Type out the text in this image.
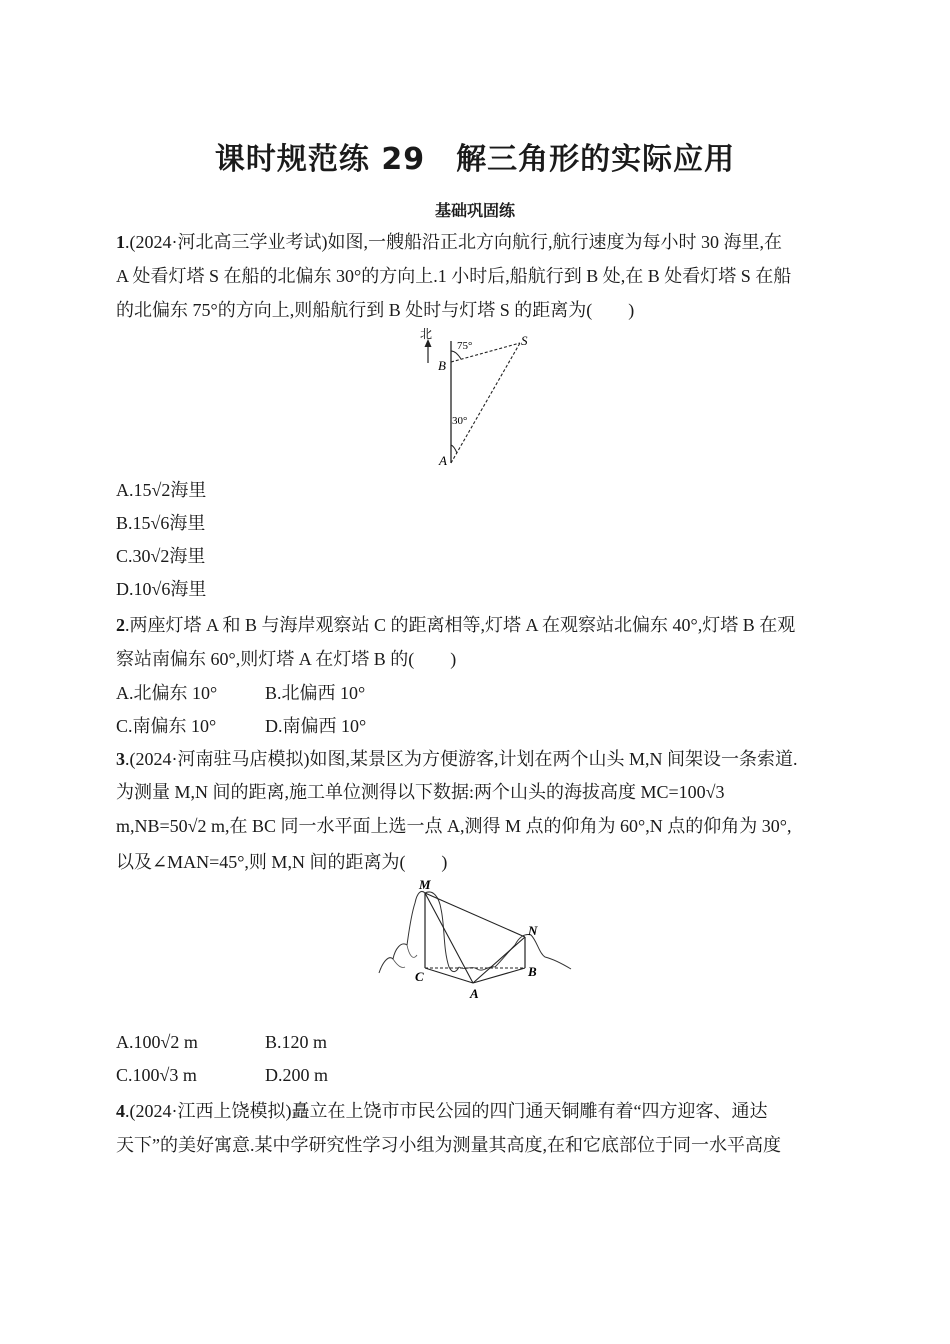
课时规范练 29　解三角形的实际应用
基础巩固练
1.(2024·河北高三学业考试)如图,一艘船沿正北方向航行,航行速度为每小时 30 海里,在
A 处看灯塔 S 在船的北偏东 30°的方向上.1 小时后,船航行到 B 处,在 B 处看灯塔 S 在船
的北偏东 75°的方向上,则船航行到 B 处时与灯塔 S 的距离为(　　)
北
75°
30°
B
S
A
A.15√2海里
B.15√6海里
C.30√2海里
D.10√6海里
2.两座灯塔 A 和 B 与海岸观察站 C 的距离相等,灯塔 A 在观察站北偏东 40°,灯塔 B 在观
察站南偏东 60°,则灯塔 A 在灯塔 B 的(　　)
A.北偏东 10°	B.北偏西 10°
C.南偏东 10°	D.南偏西 10°
3.(2024·河南驻马店模拟)如图,某景区为方便游客,计划在两个山头 M,N 间架设一条索道.
为测量 M,N 间的距离,施工单位测得以下数据:两个山头的海拔高度 MC=100√3
m,NB=50√2 m,在 BC 同一水平面上选一点 A,测得 M 点的仰角为 60°,N 点的仰角为 30°,
以及∠MAN=45°,则 M,N 间的距离为(　　)
M
N
C
A
B
A.100√2 m	B.120 m
C.100√3 m	D.200 m
4.(2024·江西上饶模拟)矗立在上饶市市民公园的四门通天铜雕有着“四方迎客、通达
天下”的美好寓意.某中学研究性学习小组为测量其高度,在和它底部位于同一水平高度
